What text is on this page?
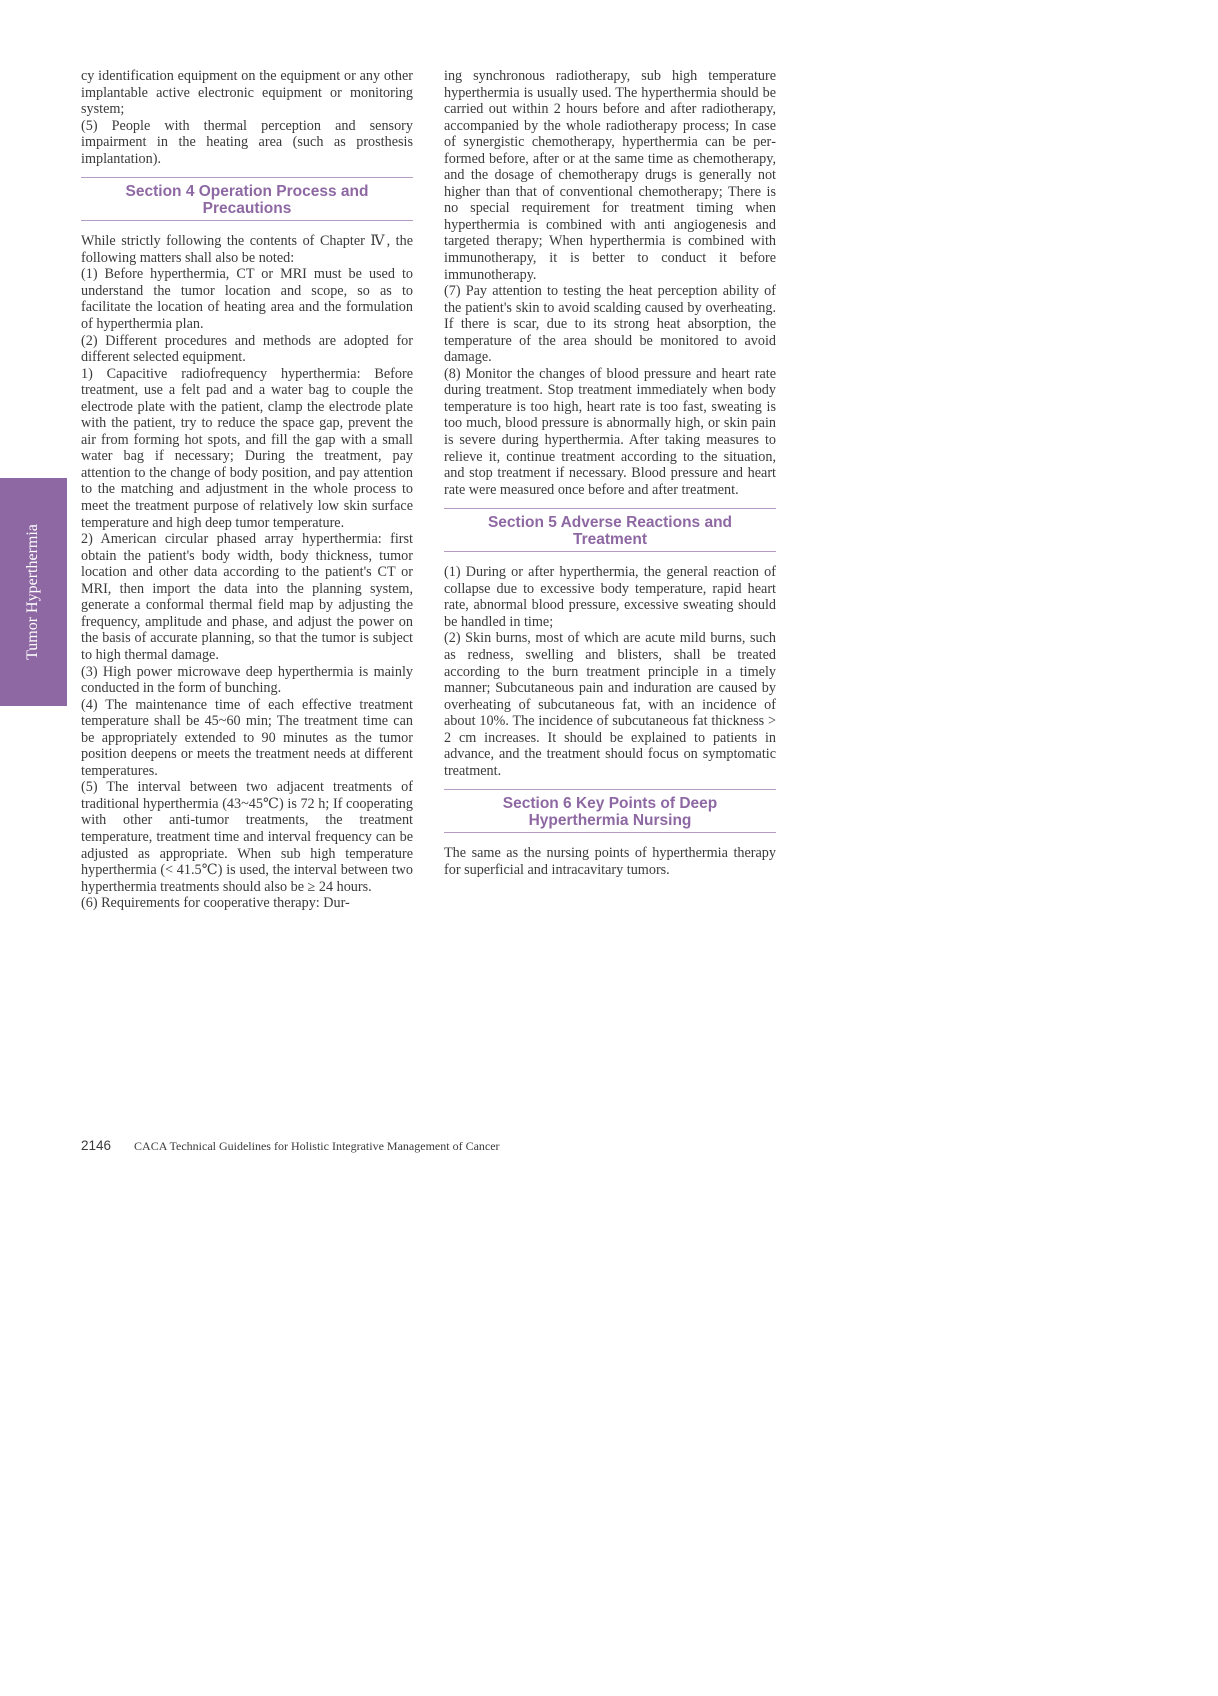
Tumor Hyperthermia

cy identification equipment on the equipment or any other implantable active electronic equipment or monitoring system;

(5) People with thermal perception and sensory impairment in the heating area (such as prosthesis implantation).

Section 4 Operation Process and
Precautions

While strictly following the contents of Chapter Ⅳ, the following matters shall also be noted:

(1) Before hyperthermia, CT or MRI must be used to understand the tumor location and scope, so as to facilitate the location of heating area and the formulation of hyperthermia plan.

(2) Different procedures and methods are adopted for different selected equipment.

1) Capacitive radiofrequency hyperthermia: Before treatment, use a felt pad and a water bag to couple the electrode plate with the patient, clamp the electrode plate with the patient, try to reduce the space gap, prevent the air from forming hot spots, and fill the gap with a small water bag if necessary; During the treatment, pay attention to the change of body position, and pay attention to the matching and adjustment in the whole process to meet the treatment purpose of relatively low skin surface temperature and high deep tumor temperature.

2) American circular phased array hyperthermia: first obtain the patient's body width, body thickness, tumor location and other data according to the patient's CT or MRI, then import the data into the planning system, generate a conformal thermal field map by adjusting the frequency, amplitude and phase, and adjust the power on the basis of accurate planning, so that the tumor is subject to high thermal damage.

(3) High power microwave deep hyperthermia is mainly conducted in the form of bunching.

(4) The maintenance time of each effective treatment temperature shall be 45~60 min; The treatment time can be appropriately extended to 90 minutes as the tumor position deepens or meets the treatment needs at different temperatures.

(5) The interval between two adjacent treatments of traditional hyperthermia (43~45℃) is 72 h; If cooperating with other anti-tumor treatments, the treatment temperature, treatment time and interval frequency can be adjusted as appropriate. When sub high temperature hyperthermia (< 41.5℃) is used, the interval between two hyperthermia treatments should also be ≥ 24 hours.

(6) Requirements for cooperative therapy: Dur-

ing synchronous radiotherapy, sub high temperature hyperthermia is usually used. The hyperthermia should be carried out within 2 hours before and after radiotherapy, accompanied by the whole radiotherapy process; In case of synergistic chemotherapy, hyperthermia can be performed before, after or at the same time as chemotherapy, and the dosage of chemotherapy drugs is generally not higher than that of conventional chemotherapy; There is no special requirement for treatment timing when hyperthermia is combined with anti angiogenesis and targeted therapy; When hyperthermia is combined with immunotherapy, it is better to conduct it before immunotherapy.

(7) Pay attention to testing the heat perception ability of the patient's skin to avoid scalding caused by overheating. If there is scar, due to its strong heat absorption, the temperature of the area should be monitored to avoid damage.

(8) Monitor the changes of blood pressure and heart rate during treatment. Stop treatment immediately when body temperature is too high, heart rate is too fast, sweating is too much, blood pressure is abnormally high, or skin pain is severe during hyperthermia. After taking measures to relieve it, continue treatment according to the situation, and stop treatment if necessary. Blood pressure and heart rate were measured once before and after treatment.

Section 5 Adverse Reactions and
Treatment

(1) During or after hyperthermia, the general reaction of collapse due to excessive body temperature, rapid heart rate, abnormal blood pressure, excessive sweating should be handled in time;

(2) Skin burns, most of which are acute mild burns, such as redness, swelling and blisters, shall be treated according to the burn treatment principle in a timely manner; Subcutaneous pain and induration are caused by overheating of subcutaneous fat, with an incidence of about 10%. The incidence of subcutaneous fat thickness > 2 cm increases. It should be explained to patients in advance, and the treatment should focus on symptomatic treatment.

Section 6 Key Points of Deep
Hyperthermia Nursing

The same as the nursing points of hyperthermia therapy for superficial and intracavitary tumors.

2146 CACA Technical Guidelines for Holistic Integrative Management of Cancer
